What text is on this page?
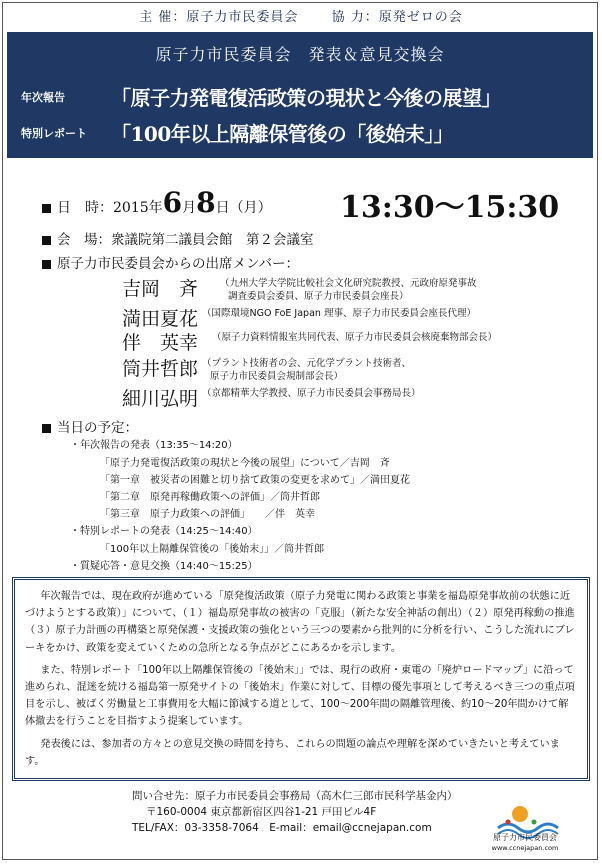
主 催：原子力市民委員会	協 力：原発ゼロの会
原子力市民委員会　発表＆意見交換会
年次報告 「原子力発電復活政策の現状と今後の展望」
特別レポート 「100年以上隔離保管後の「後始末」」
日　時：2015年6月8日（月） 13:30〜15:30
会　場：衆議院第二議員会館　第２会議室
原子力市民委員会からの出席メンバー：
吉岡　斉 （九州大学大学院比較社会文化研究院教授、元政府原発事故
調査委員会委員、原子力市民委員会座長）
満田夏花 （国際環境NGO FoE Japan 理事、原子力市民委員会座長代理）
伴　英幸 （原子力資料情報室共同代表、原子力市民委員会核廃棄物部会長）
筒井哲郎 （プラント技術者の会、元化学プラント技術者、
原子力市民委員会規制部会長）
細川弘明 （京都精華大学教授、原子力市民委員会事務局長）
当日の予定：
・年次報告の発表（13:35〜14:20）
「原子力発電復活政策の現状と今後の展望」について／吉岡　斉
「第一章　被災者の困難と切り捨て政策の変更を求めて」／満田夏花
「第二章　原発再稼働政策への評価」／筒井哲郎
「第三章　原子力政策への評価」　　／伴　英幸
・特別レポートの発表（14:25〜14:40）
「100年以上隔離保管後の「後始末」」／筒井哲郎
・質疑応答・意見交換（14:40〜15:25）

年次報告では、現在政府が進めている「原発復活政策（原子力発電に関わる政策と事業を福島原発事故前の状態に近づけようとする政策）」について、（１）福島原発事故の被害の「克服」（新たな安全神話の創出）（２）原発再稼動の推進（３）原子力計画の再構築と原発保護・支援政策の強化という三つの要素から批判的に分析を行い、こうした流れにブレーキをかけ、政策を変えていくための急所となる争点がどこにあるかを示します。

また、特別レポート「100年以上隔離保管後の「後始末」」では、現行の政府・東電の「廃炉ロードマップ」に沿って進められ、混迷を続ける福島第一原発サイトの「後始末」作業に対して、目標の優先事項として考えるべき三つの重点項目を示し、被ばく労働量と工事費用を大幅に節減する道として、100〜200年間の隔離管理後、約10〜20年間かけて解体撤去を行うことを目指すよう提案しています。

発表後には、参加者の方々との意見交換の時間を持ち、これらの問題の論点や理解を深めていきたいと考えています。

問い合せ先：原子力市民委員会事務局（高木仁三郎市民科学基金内）
〒160-0004 東京都新宿区四谷1-21 戸田ビル4F
TEL/FAX：03-3358-7064　E-mail：email@ccnejapan.com
原子力市民委員会
www.ccnejapan.com
